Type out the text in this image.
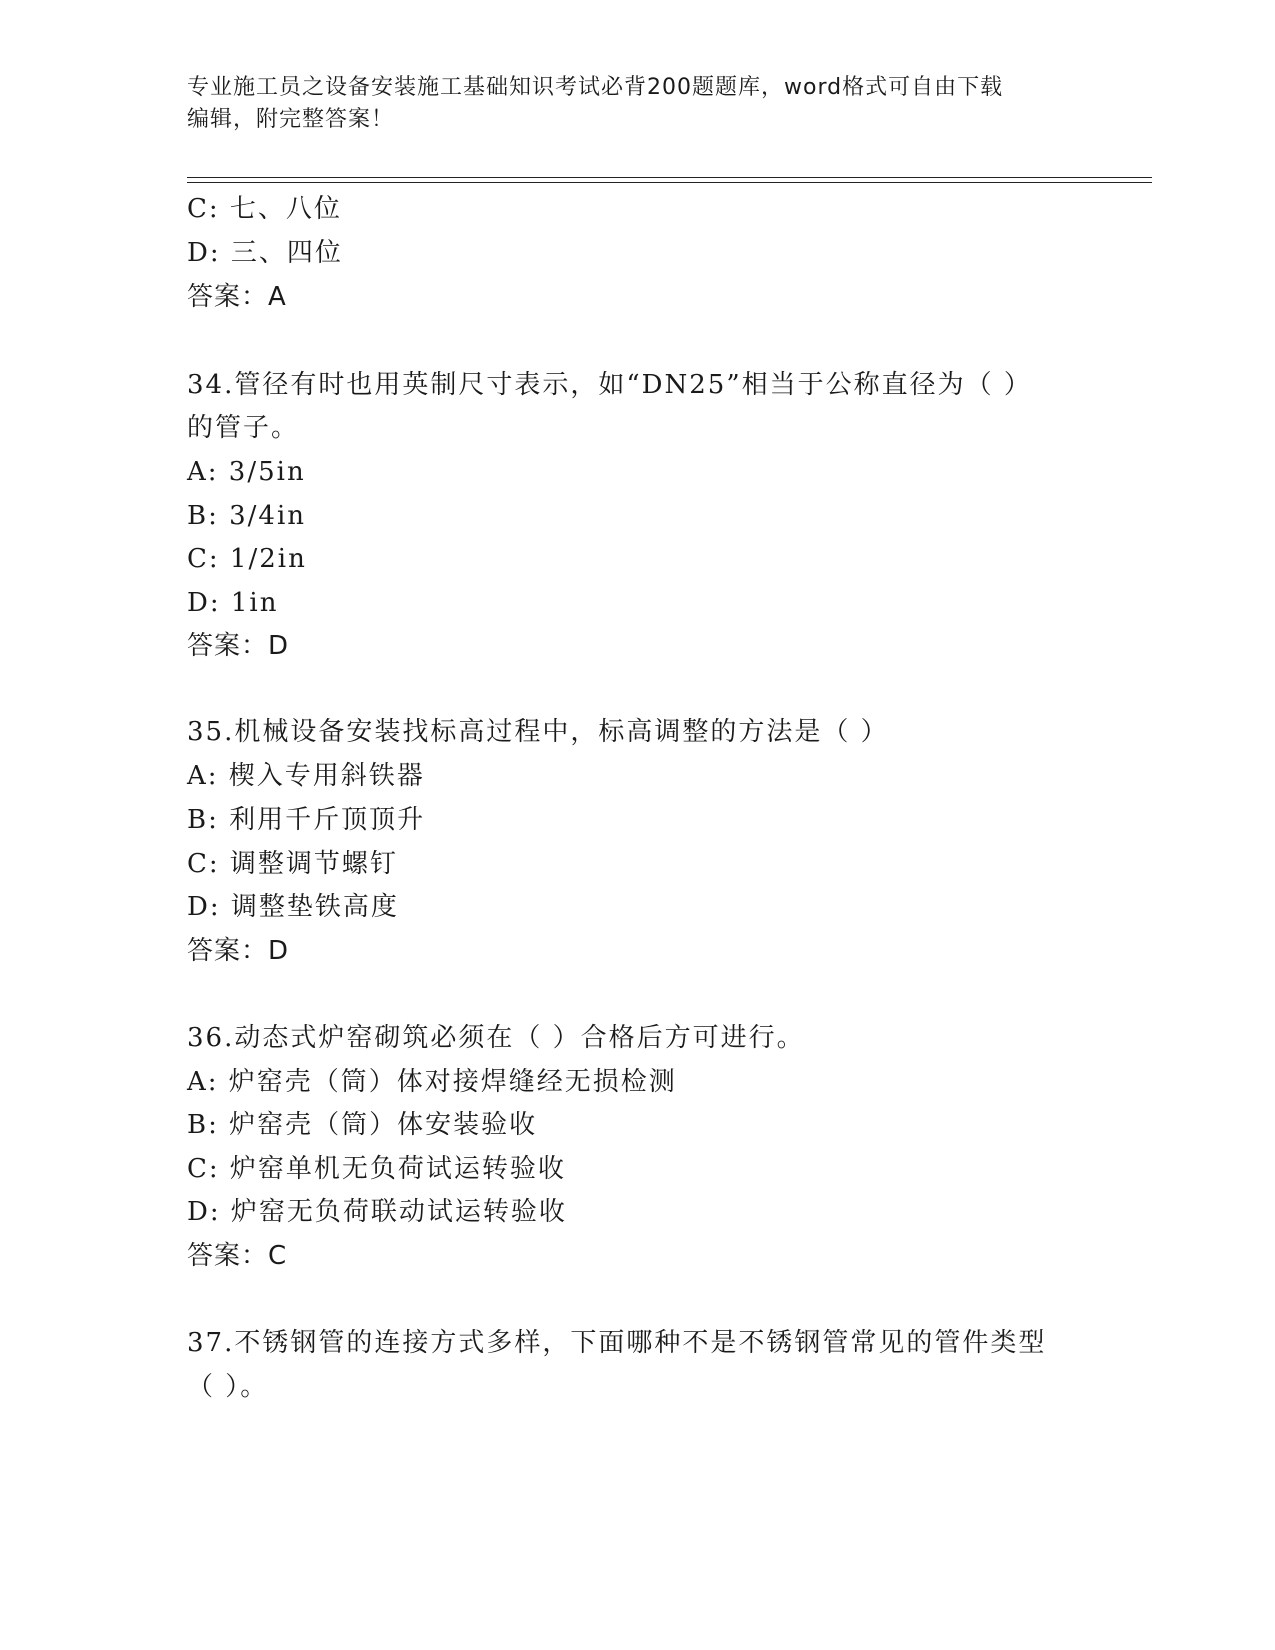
专业施工员之设备安装施工基础知识考试必背200题题库，word格式可自由下载
编辑，附完整答案！
C: 七、八位
D: 三、四位
答案：A
34.管径有时也用英制尺寸表示，如“DN25”相当于公称直径为（ ）
的管子。
A: 3/5in
B: 3/4in
C: 1/2in
D: 1in
答案：D
35.机械设备安装找标高过程中，标高调整的方法是（ ）
A: 楔入专用斜铁器
B: 利用千斤顶顶升
C: 调整调节螺钉
D: 调整垫铁高度
答案：D
36.动态式炉窑砌筑必须在（ ）合格后方可进行。
A: 炉窑壳（筒）体对接焊缝经无损检测
B: 炉窑壳（筒）体安装验收
C: 炉窑单机无负荷试运转验收
D: 炉窑无负荷联动试运转验收
答案：C
37.不锈钢管的连接方式多样，下面哪种不是不锈钢管常见的管件类型
（ ）。
